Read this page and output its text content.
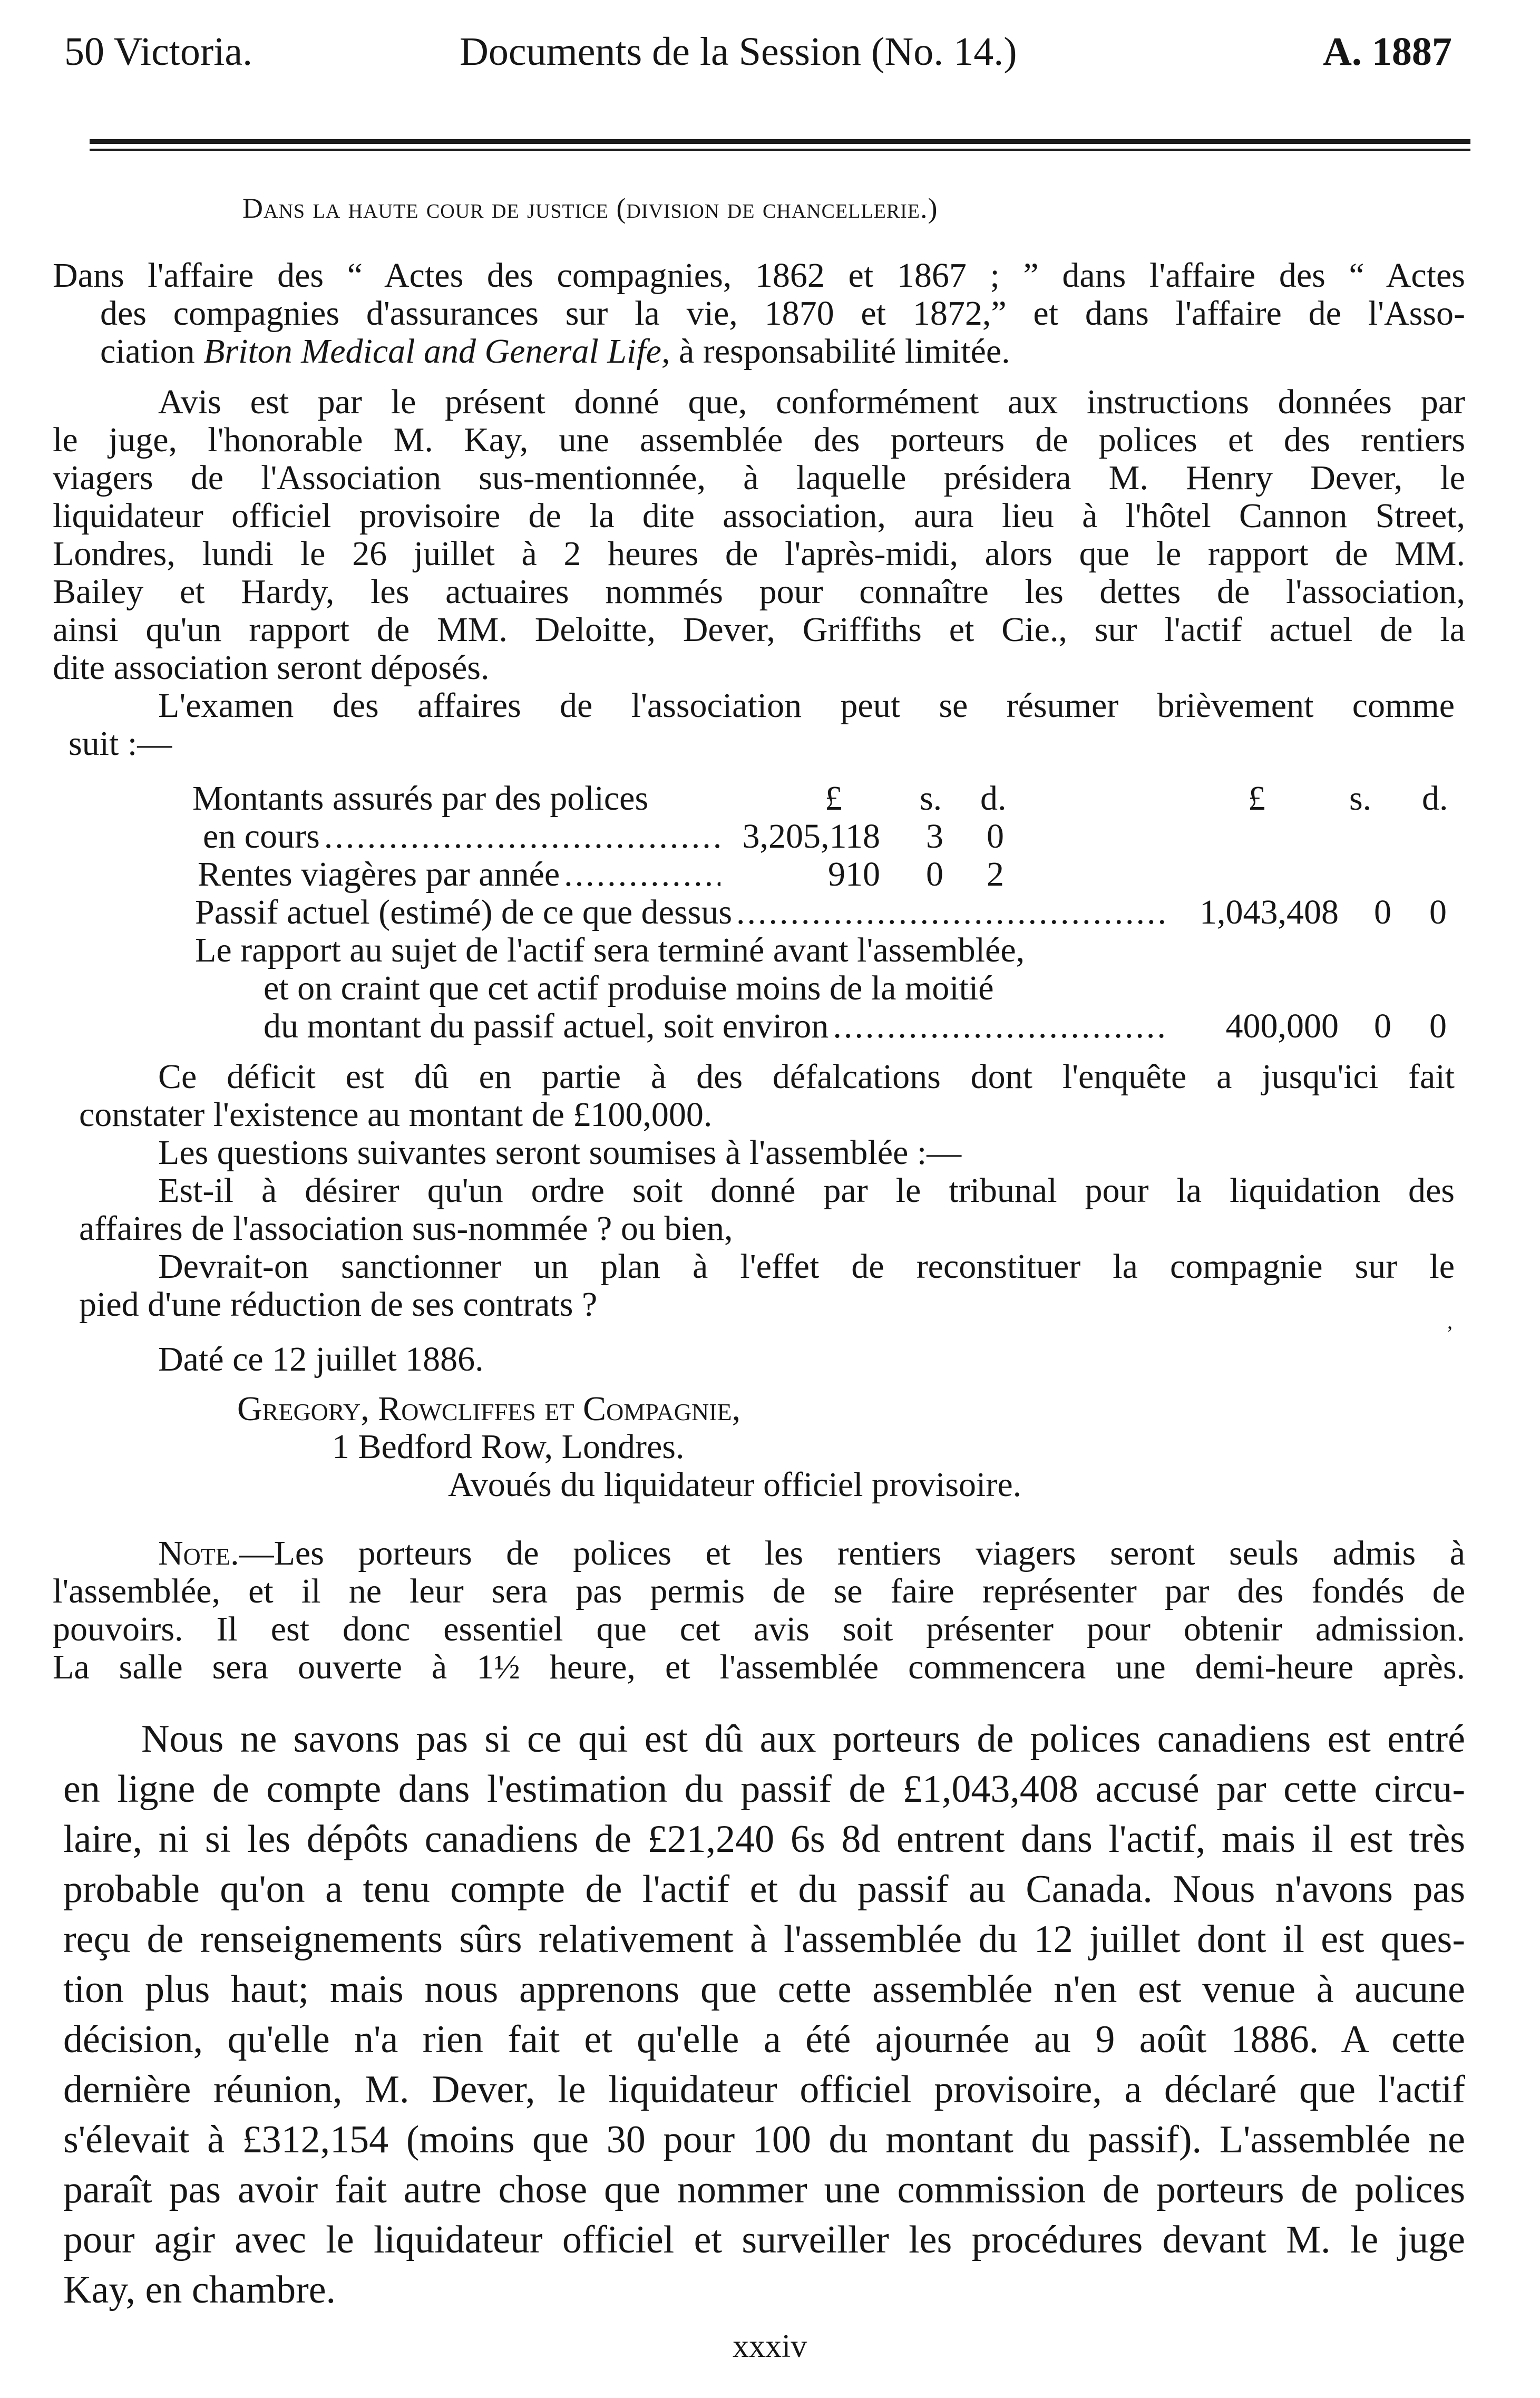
50 Victoria.	Documents de la Session (No. 14.)	A. 1887
Dans la haute cour de justice (division de chancellerie.)
Dans l'affaire des “ Actes des compagnies, 1862 et 1867 ; ” dans l'affaire des “ Actes
des compagnies d'assurances sur la vie, 1870 et 1872,” et dans l'affaire de l'Asso-
ciation Briton Medical and General Life, à responsabilité limitée.
Avis est par le présent donné que, conformément aux instructions données par
le juge, l'honorable M. Kay, une assemblée des porteurs de polices et des rentiers
viagers de l'Association sus-mentionnée, à laquelle présidera M. Henry Dever, le
liquidateur officiel provisoire de la dite association, aura lieu à l'hôtel Cannon Street,
Londres, lundi le 26 juillet à 2 heures de l'après-midi, alors que le rapport de MM.
Bailey et Hardy, les actuaires nommés pour connaître les dettes de l'association,
ainsi qu'un rapport de MM. Deloitte, Dever, Griffiths et Cie., sur l'actif actuel de la
dite association seront déposés.
L'examen des affaires de l'association peut se résumer brièvement comme
suit :—
Montants assurés par des polices	£ s. d.	£ s. d.
en cours .....	3,205,118 3 0
Rentes viagères par année .....	910 0 2
Passif actuel (estimé) de ce que dessus .....	1,043,408 0 0
Le rapport au sujet de l'actif sera terminé avant l'assemblée,
et on craint que cet actif produise moins de la moitié
du montant du passif actuel, soit environ .....	400,000 0 0
Ce déficit est dû en partie à des défalcations dont l'enquête a jusqu'ici fait
constater l'existence au montant de £100,000.
Les questions suivantes seront soumises à l'assemblée :—
Est-il à désirer qu'un ordre soit donné par le tribunal pour la liquidation des
affaires de l'association sus-nommée ? ou bien,
Devrait-on sanctionner un plan à l'effet de reconstituer la compagnie sur le
pied d'une réduction de ses contrats ?
Daté ce 12 juillet 1886.
ʼ
Gregory, Rowcliffes et Compagnie,
1 Bedford Row, Londres.
Avoués du liquidateur officiel provisoire.
Note. —Les porteurs de polices et les rentiers viagers seront seuls admis à
l'assemblée, et il ne leur sera pas permis de se faire représenter par des fondés de
pouvoirs. Il est donc essentiel que cet avis soit présenter pour obtenir admission.
La salle sera ouverte à 1½ heure, et l'assemblée commencera une demi-heure après.
Nous ne savons pas si ce qui est dû aux porteurs de polices canadiens est entré
en ligne de compte dans l'estimation du passif de £1,043,408 accusé par cette circu-
laire, ni si les dépôts canadiens de £21,240 6s 8d entrent dans l'actif, mais il est très
probable qu'on a tenu compte de l'actif et du passif au Canada. Nous n'avons pas
reçu de renseignements sûrs relativement à l'assemblée du 12 juillet dont il est ques-
tion plus haut; mais nous apprenons que cette assemblée n'en est venue à aucune
décision, qu'elle n'a rien fait et qu'elle a été ajournée au 9 août 1886. A cette
dernière réunion, M. Dever, le liquidateur officiel provisoire, a déclaré que l'actif
s'élevait à £312,154 (moins que 30 pour 100 du montant du passif). L'assemblée ne
paraît pas avoir fait autre chose que nommer une commission de porteurs de polices
pour agir avec le liquidateur officiel et surveiller les procédures devant M. le juge
Kay, en chambre.
xxxiv
